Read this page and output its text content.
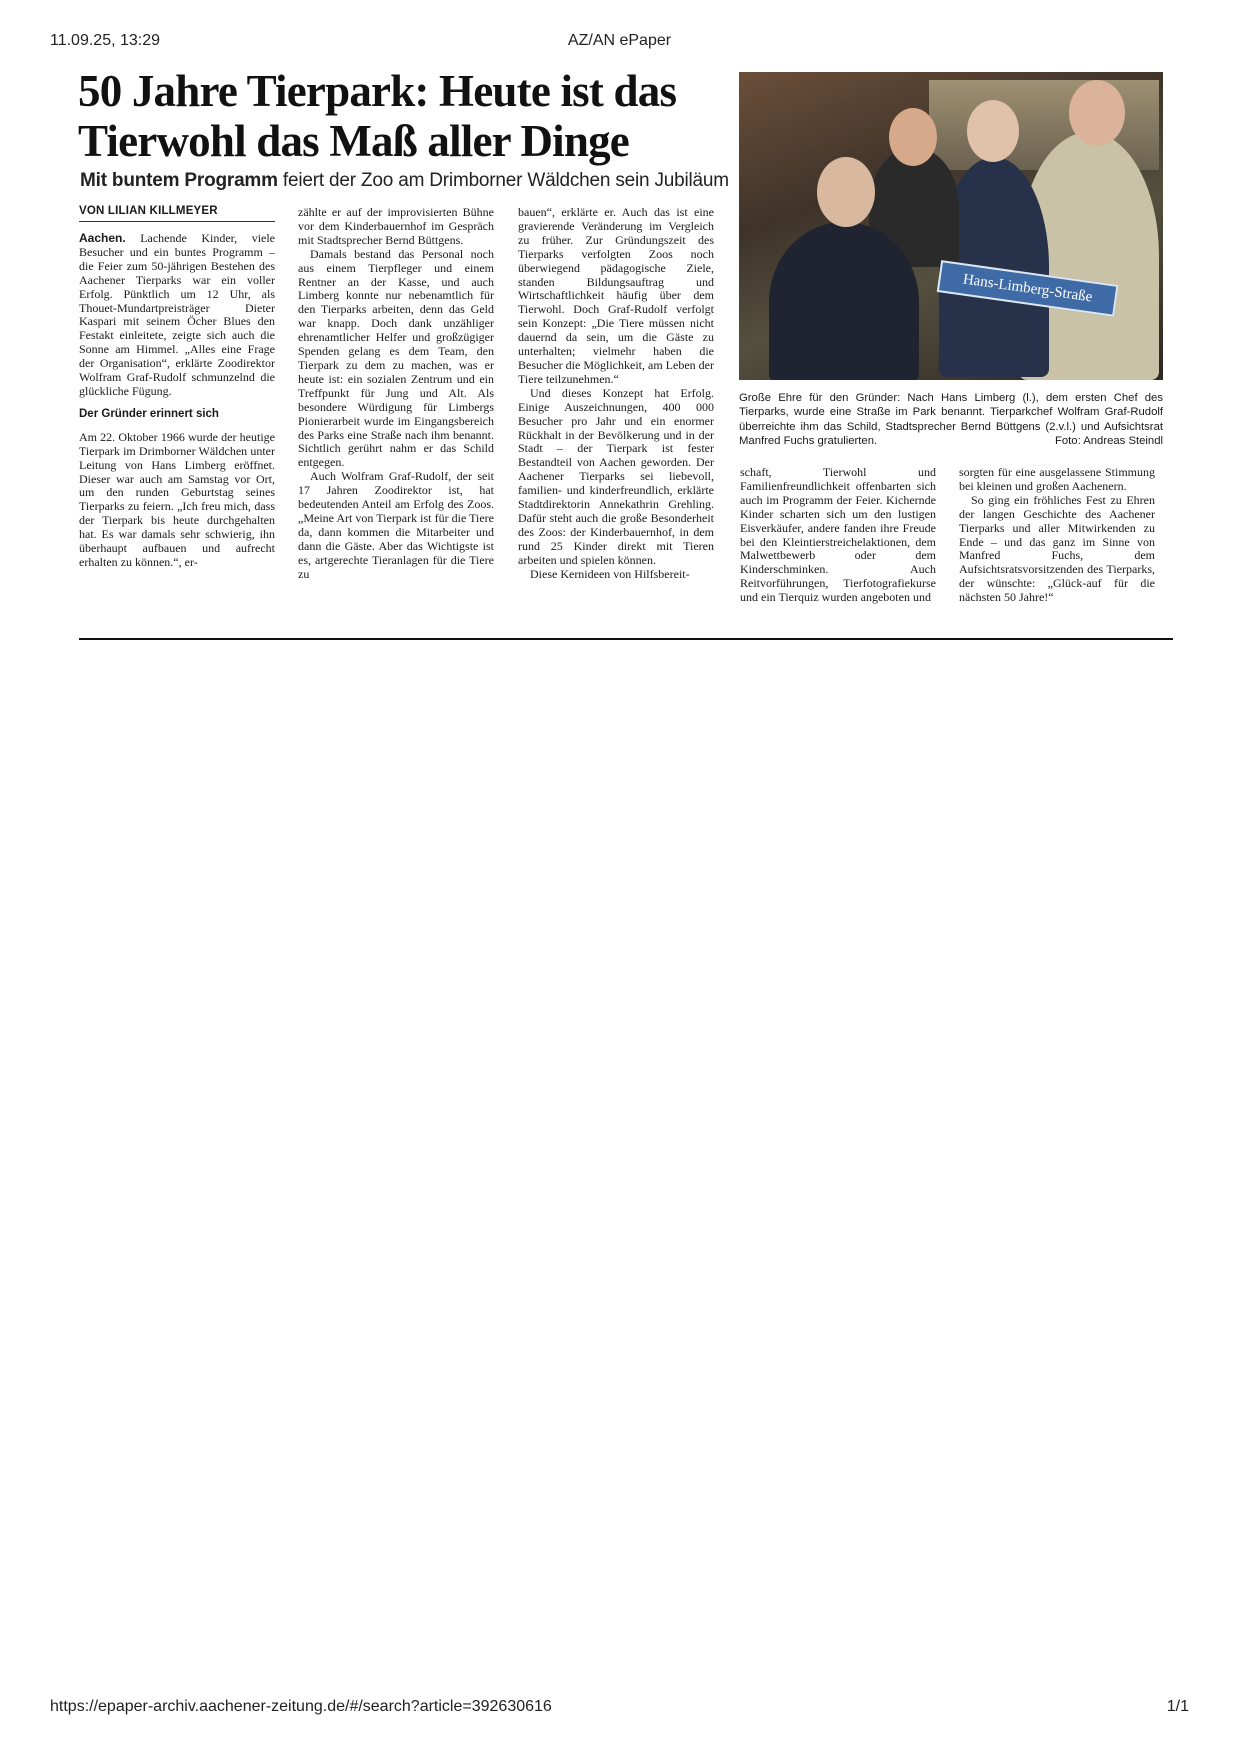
11.09.25, 13:29	AZ/AN ePaper
50 Jahre Tierpark: Heute ist das
Tierwohl das Maß aller Dinge
Mit buntem Programm feiert der Zoo am Drimborner Wäldchen sein Jubiläum
VON LILIAN KILLMEYER

Aachen. Lachende Kinder, viele Besucher und ein buntes Programm – die Feier zum 50-jährigen Bestehen des Aachener Tierparks war ein voller Erfolg. Pünktlich um 12 Uhr, als Thouet-Mundartpreisträger Dieter Kaspari mit seinem Öcher Blues den Festakt einleitete, zeigte sich auch die Sonne am Himmel. „Alles eine Frage der Organisation“, erklärte Zoodirektor Wolfram Graf-Rudolf schmunzelnd die glückliche Fügung.

Der Gründer erinnert sich

Am 22. Oktober 1966 wurde der heutige Tierpark im Drimborner Wäldchen unter Leitung von Hans Limberg eröffnet. Dieser war auch am Samstag vor Ort, um den runden Geburtstag seines Tierparks zu feiern. „Ich freu mich, dass der Tierpark bis heute durchgehalten hat. Es war damals sehr schwierig, ihn überhaupt aufbauen und aufrecht erhalten zu können.“, er-

zählte er auf der improvisierten Bühne vor dem Kinderbauernhof im Gespräch mit Stadtsprecher Bernd Büttgens.

Damals bestand das Personal noch aus einem Tierpfleger und einem Rentner an der Kasse, und auch Limberg konnte nur nebenamtlich für den Tierparks arbeiten, denn das Geld war knapp. Doch dank unzähliger ehrenamtlicher Helfer und großzügiger Spenden gelang es dem Team, den Tierpark zu dem zu machen, was er heute ist: ein sozialen Zentrum und ein Treffpunkt für Jung und Alt. Als besondere Würdigung für Limbergs Pionierarbeit wurde im Eingangsbereich des Parks eine Straße nach ihm benannt. Sichtlich gerührt nahm er das Schild entgegen.

Auch Wolfram Graf-Rudolf, der seit 17 Jahren Zoodirektor ist, hat bedeutenden Anteil am Erfolg des Zoos. „Meine Art von Tierpark ist für die Tiere da, dann kommen die Mitarbeiter und dann die Gäste. Aber das Wichtigste ist es, artgerechte Tieranlagen für die Tiere zu

bauen“, erklärte er. Auch das ist eine gravierende Veränderung im Vergleich zu früher. Zur Gründungszeit des Tierparks verfolgten Zoos noch überwiegend pädagogische Ziele, standen Bildungsauftrag und Wirtschaftlichkeit häufig über dem Tierwohl. Doch Graf-Rudolf verfolgt sein Konzept: „Die Tiere müssen nicht dauernd da sein, um die Gäste zu unterhalten; vielmehr haben die Besucher die Möglichkeit, am Leben der Tiere teilzunehmen.“

Und dieses Konzept hat Erfolg. Einige Auszeichnungen, 400 000 Besucher pro Jahr und ein enormer Rückhalt in der Bevölkerung und in der Stadt – der Tierpark ist fester Bestandteil von Aachen geworden. Der Aachener Tierparks sei liebevoll, familien- und kinderfreundlich, erklärte Stadtdirektorin Annekathrin Grehling. Dafür steht auch die große Besonderheit des Zoos: der Kinderbauernhof, in dem rund 25 Kinder direkt mit Tieren arbeiten und spielen können.

Diese Kernideen von Hilfsbereit-

Hans-Limberg-Straße
Große Ehre für den Gründer: Nach Hans Limberg (l.), dem ersten Chef des Tierparks, wurde eine Straße im Park benannt. Tierparkchef Wolfram Graf-Rudolf überreichte ihm das Schild, Stadtsprecher Bernd Büttgens (2.v.l.) und Aufsichtsrat Manfred Fuchs gratulierten.	Foto: Andreas Steindl

schaft, Tierwohl und Familienfreundlichkeit offenbarten sich auch im Programm der Feier. Kichernde Kinder scharten sich um den lustigen Eisverkäufer, andere fanden ihre Freude bei den Kleintierstreichelaktionen, dem Malwettbewerb oder dem Kinderschminken. Auch Reitvorführungen, Tierfotografiekurse und ein Tierquiz wurden angeboten und

sorgten für eine ausgelassene Stimmung bei kleinen und großen Aachenern.

So ging ein fröhliches Fest zu Ehren der langen Geschichte des Aachener Tierparks und aller Mitwirkenden zu Ende – und das ganz im Sinne von Manfred Fuchs, dem Aufsichtsratsvorsitzenden des Tierparks, der wünschte: „Glück-auf für die nächsten 50 Jahre!“

https://epaper-archiv.aachener-zeitung.de/#/search?article=392630616	1/1
